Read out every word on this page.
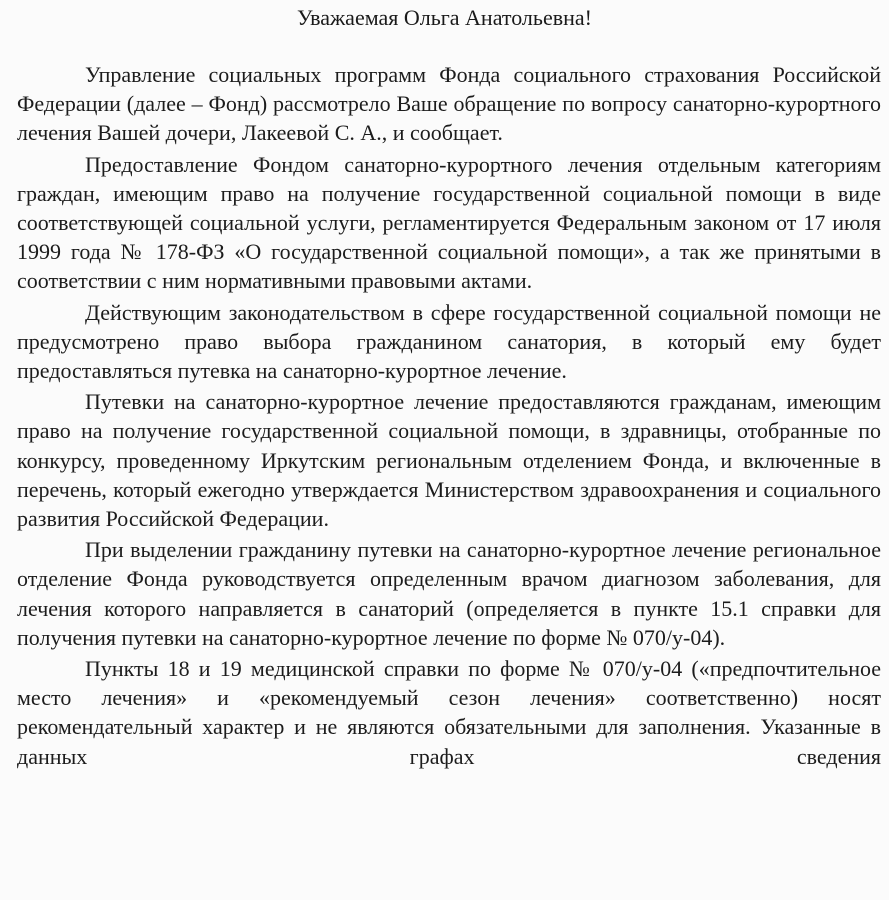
Уважаемая Ольга Анатольевна!

Управление социальных программ Фонда социального страхования Российской Федерации (далее – Фонд) рассмотрело Ваше обращение по вопросу санаторно-курортного лечения Вашей дочери, Лакеевой С. А., и сообщает.

Предоставление Фондом санаторно-курортного лечения отдельным категориям граждан, имеющим право на получение государственной социальной помощи в виде соответствующей социальной услуги, регламентируется Федеральным законом от 17 июля 1999 года № 178-ФЗ «О государственной социальной помощи», а так же принятыми в соответствии с ним нормативными правовыми актами.

Действующим законодательством в сфере государственной социальной помощи не предусмотрено право выбора гражданином санатория, в который ему будет предоставляться путевка на санаторно-курортное лечение.

Путевки на санаторно-курортное лечение предоставляются гражданам, имеющим право на получение государственной социальной помощи, в здравницы, отобранные по конкурсу, проведенному Иркутским региональным отделением Фонда, и включенные в перечень, который ежегодно утверждается Министерством здравоохранения и социального развития Российской Федерации.

При выделении гражданину путевки на санаторно-курортное лечение региональное отделение Фонда руководствуется определенным врачом диагнозом заболевания, для лечения которого направляется в санаторий (определяется в пункте 15.1 справки для получения путевки на санаторно-курортное лечение по форме № 070/у-04).

Пункты 18 и 19 медицинской справки по форме № 070/у-04 («предпочтительное место лечения» и «рекомендуемый сезон лечения» соответственно) носят рекомендательный характер и не являются обязательными для заполнения. Указанные в данных графах сведения
